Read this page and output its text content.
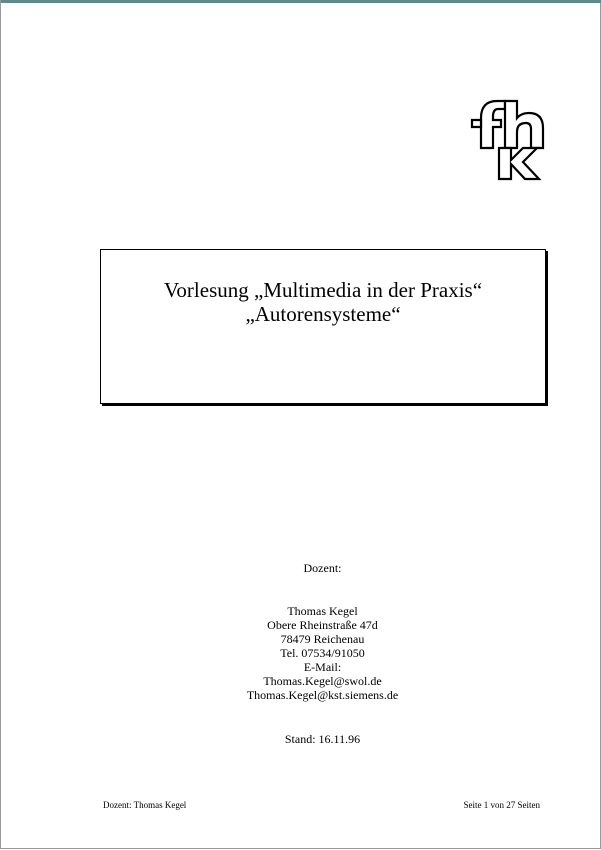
Vorlesung „Multimedia in der Praxis“
„Autorensysteme“
Dozent:
Thomas Kegel
Obere Rheinstraße 47d
78479 Reichenau
Tel. 07534/91050
E-Mail:
Thomas.Kegel@swol.de
Thomas.Kegel@kst.siemens.de
Stand: 16.11.96
Dozent: Thomas Kegel	Seite 1 von 27 Seiten
